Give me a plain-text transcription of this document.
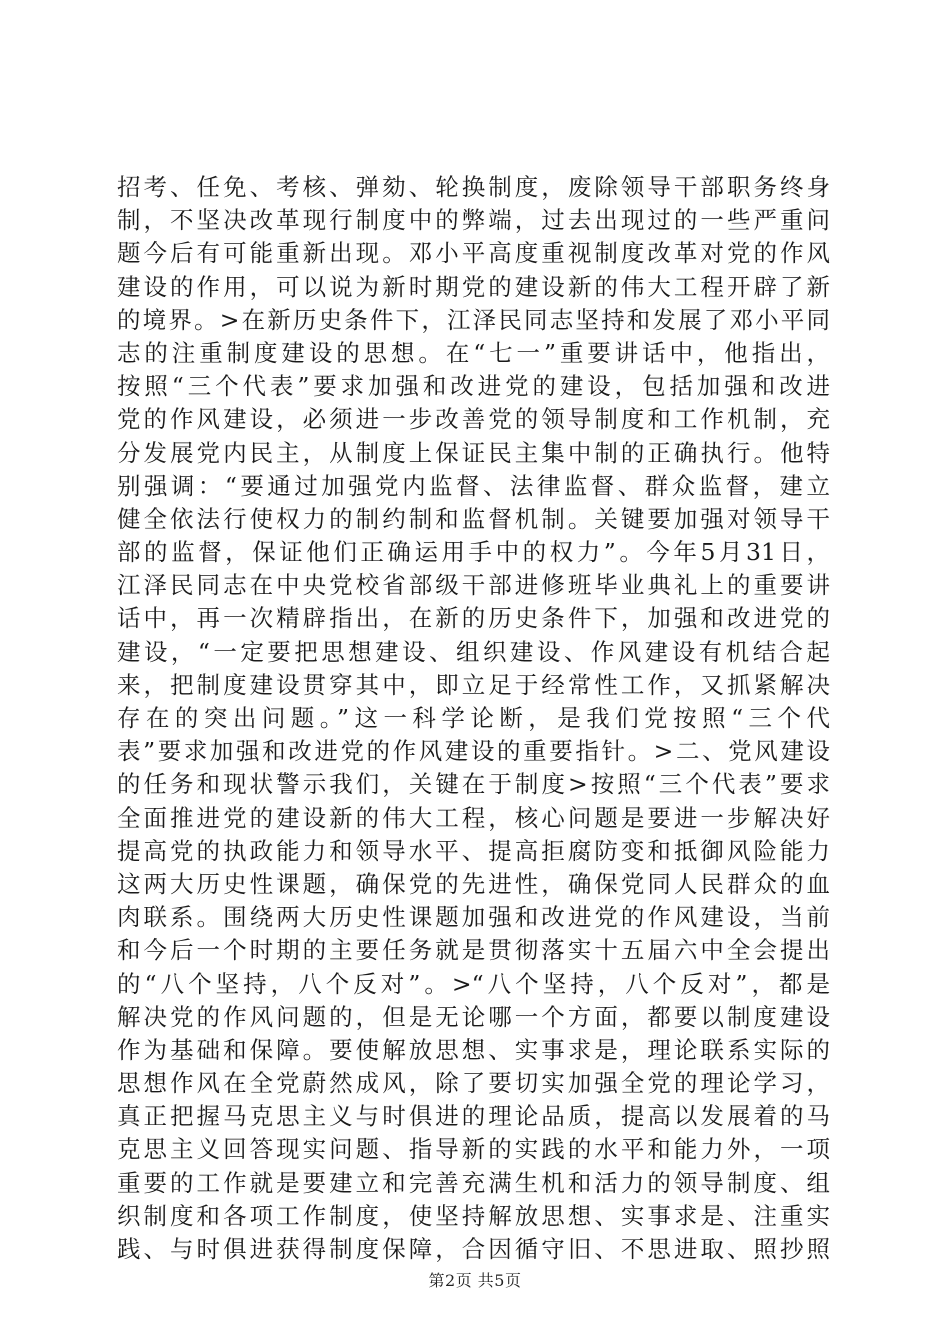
招考、任免、考核、弹劾、轮换制度，废除领导干部职务终身
制，不坚决改革现行制度中的弊端，过去出现过的一些严重问
题今后有可能重新出现。邓小平高度重视制度改革对党的作风
建设的作用，可以说为新时期党的建设新的伟大工程开辟了新
的境界。>在新历史条件下，江泽民同志坚持和发展了邓小平同
志的注重制度建设的思想。在“七一”重要讲话中，他指出，
按照“三个代表”要求加强和改进党的建设，包括加强和改进
党的作风建设，必须进一步改善党的领导制度和工作机制，充
分发展党内民主，从制度上保证民主集中制的正确执行。他特
别强调：“要通过加强党内监督、法律监督、群众监督，建立
健全依法行使权力的制约制和监督机制。关键要加强对领导干
部的监督，保证他们正确运用手中的权力”。今年5月31日，
江泽民同志在中央党校省部级干部进修班毕业典礼上的重要讲
话中，再一次精辟指出，在新的历史条件下，加强和改进党的
建设，“一定要把思想建设、组织建设、作风建设有机结合起
来，把制度建设贯穿其中，即立足于经常性工作，又抓紧解决
存在的突出问题。”这一科学论断，是我们党按照“三个代
表”要求加强和改进党的作风建设的重要指针。>二、党风建设
的任务和现状警示我们，关键在于制度>按照“三个代表”要求
全面推进党的建设新的伟大工程，核心问题是要进一步解决好
提高党的执政能力和领导水平、提高拒腐防变和抵御风险能力
这两大历史性课题，确保党的先进性，确保党同人民群众的血
肉联系。围绕两大历史性课题加强和改进党的作风建设，当前
和今后一个时期的主要任务就是贯彻落实十五届六中全会提出
的“八个坚持，八个反对”。>“八个坚持，八个反对”，都是
解决党的作风问题的，但是无论哪一个方面，都要以制度建设
作为基础和保障。要使解放思想、实事求是，理论联系实际的
思想作风在全党蔚然成风，除了要切实加强全党的理论学习，
真正把握马克思主义与时俱进的理论品质，提高以发展着的马
克思主义回答现实问题、指导新的实践的水平和能力外，一项
重要的工作就是要建立和完善充满生机和活力的领导制度、组
织制度和各项工作制度，使坚持解放思想、实事求是、注重实
践、与时俱进获得制度保障，合因循守旧、不思进取、照抄照
第2页 共5页
